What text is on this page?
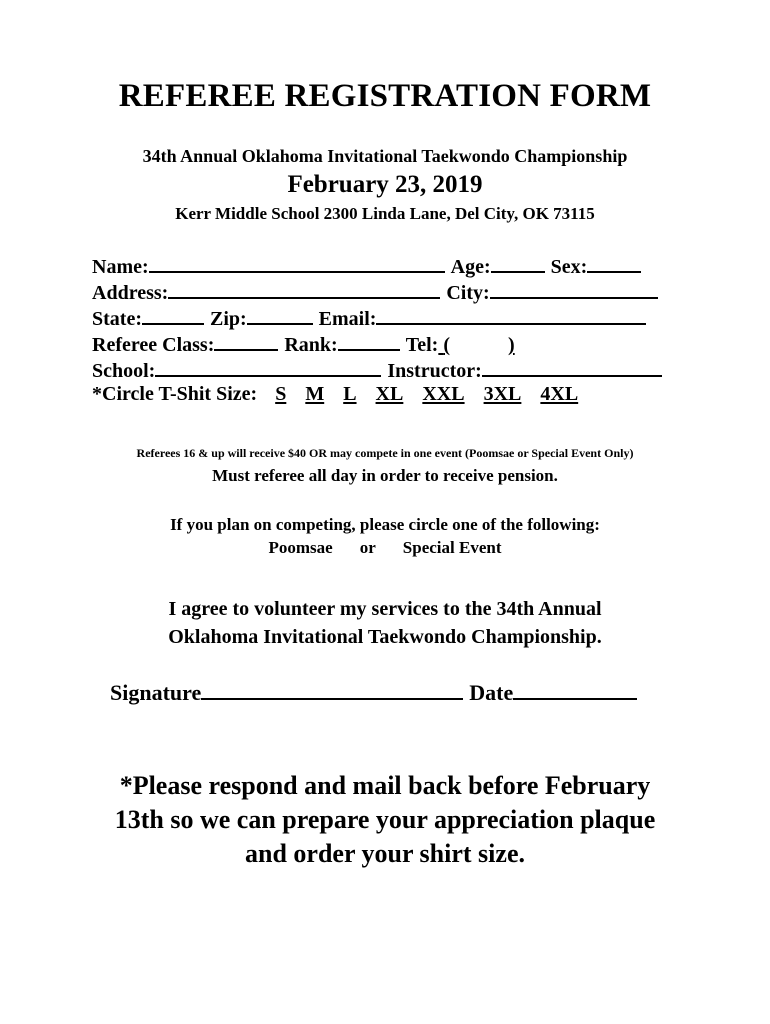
REFEREE REGISTRATION FORM
34th Annual Oklahoma Invitational Taekwondo Championship
February 23, 2019
Kerr Middle School 2300 Linda Lane, Del City, OK 73115
Name:	Age:	Sex:
Address:	City:
State:	Zip:	Email:
Referee Class:	Rank:	Tel: (	)
School:	Instructor:
*Circle T-Shit Size: S M L XL XXL 3XL 4XL
Referees 16 & up will receive $40 OR may compete in one event (Poomsae or Special Event Only)
Must referee all day in order to receive pension.
If you plan on competing, please circle one of the following:
Poomsae or Special Event
I agree to volunteer my services to the 34th Annual
Oklahoma Invitational Taekwondo Championship.
Signature	Date
*Please respond and mail back before February
13th so we can prepare your appreciation plaque
and order your shirt size.
